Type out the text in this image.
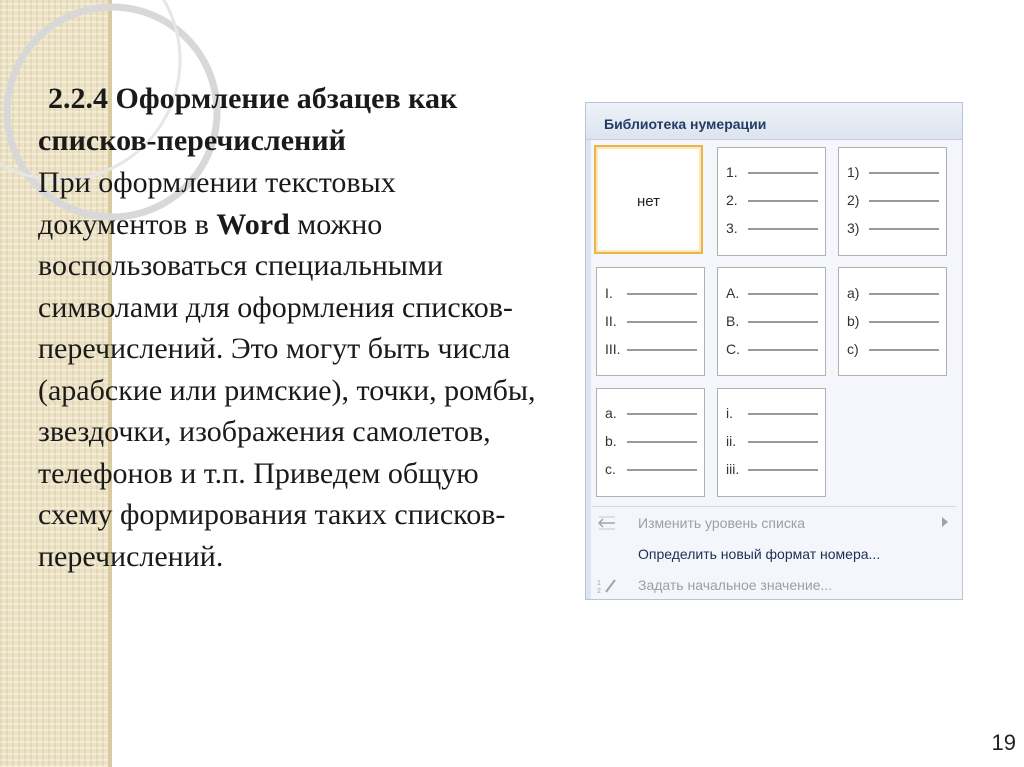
2.2.4 Оформление абзацев как
списков-перечислений

При оформлении текстовых документов в Word можно воспользоваться специальными символами для оформления списков-перечислений. Это могут быть числа (арабские или римские), точки, ромбы, звездочки, изображения самолетов, телефонов и т.п. Приведем общую схему формирования таких списков-перечислений.

Библиотека нумерации
нет
1.
2.
3.
1)
2)
3)
I.
II.
III.
A.
B.
C.
a)
b)
c)
a.
b.
c.
i.
ii.
iii.
Изменить уровень списка
Определить новый формат номера...
1
2	Задать начальное значение...
19
